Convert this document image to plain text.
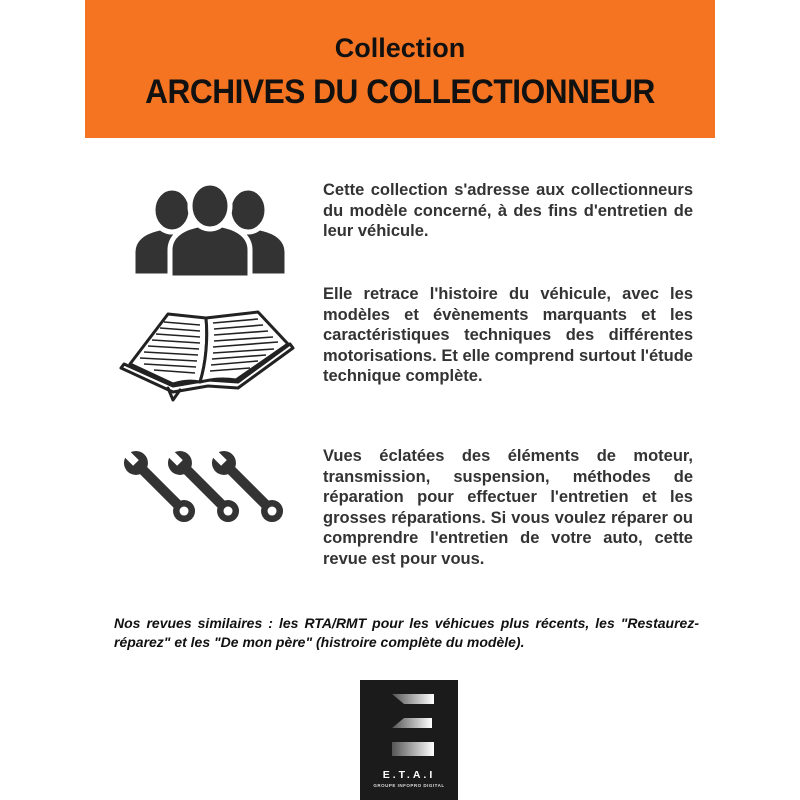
Collection
ARCHIVES DU COLLECTIONNEUR
Cette collection s'adresse aux collectionneurs du modèle concerné, à des fins d'entretien de leur véhicule.
Elle retrace l'histoire du véhicule, avec les modèles et évènements marquants et les caractéristiques techniques des différentes motorisations. Et elle comprend surtout l'étude technique complète.
Vues éclatées des éléments de moteur, transmission, suspension, méthodes de réparation pour effectuer l'entretien et les grosses réparations. Si vous voulez réparer ou comprendre l'entretien de votre auto, cette revue est pour vous.
Nos revues similaires : les RTA/RMT pour les véhicues plus récents, les "Restaurez-réparez" et les "De mon père" (histroire complète du modèle).
E.T.A.I
GROUPE INFOPRO DIGITAL
